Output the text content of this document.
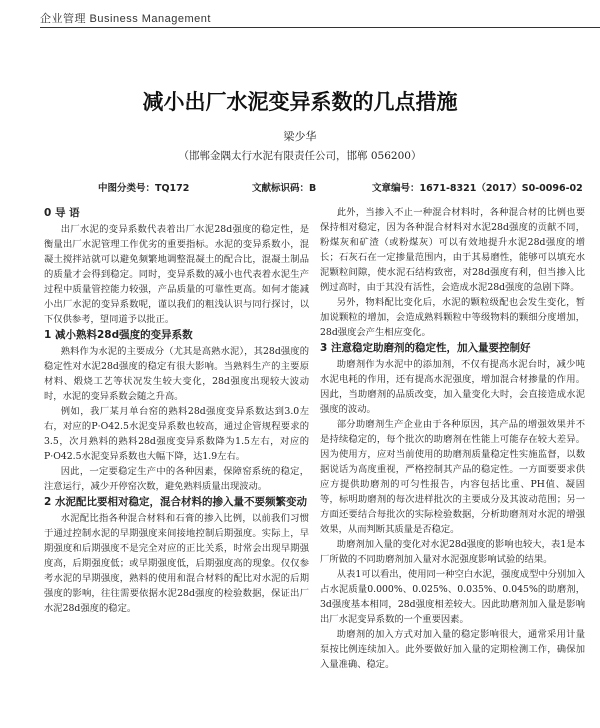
企业管理 Business Management
减小出厂水泥变异系数的几点措施
梁少华
（邯郸金隅太行水泥有限责任公司，邯郸 056200）
中图分类号：TQ172	文献标识码：B	文章编号：1671-8321（2017）S0-0096-02
0 导 语

出厂水泥的变异系数代表着出厂水泥28d强度的稳定性，是衡量出厂水泥管理工作优劣的重要指标。水泥的变异系数小，混凝土搅拌站就可以避免频繁地调整混凝土的配合比，混凝土制品的质量才会得到稳定。同时，变异系数的减小也代表着水泥生产过程中质量管控能力较强，产品质量的可靠性更高。如何才能减小出厂水泥的变异系数呢，谨以我们的粗浅认识与同行探讨，以下仅供参考，望同道予以批正。

1 减小熟料28d强度的变异系数

熟料作为水泥的主要成分（尤其是高熟水泥），其28d强度的稳定性对水泥28d强度的稳定有很大影响。当熟料生产的主要原材料、煅烧工艺等状况发生较大变化，28d强度出现较大波动时，水泥的变异系数会随之升高。

例如，我厂某月单台窑的熟料28d强度变异系数达到3.0左右，对应的P·O42.5水泥变异系数也较高，通过企管规程要求的3.5，次月熟料的熟料28d强度变异系数降为1.5左右，对应的P·O42.5水泥变异系数也大幅下降，达1.9左右。

因此，一定要稳定生产中的各种因素，保障窑系统的稳定，注意运行，减少开停窑次数，避免熟料质量出现波动。

2 水泥配比要相对稳定，混合材料的掺入量不要频繁变动

水泥配比指各种混合材料和石膏的掺入比例，以前我们习惯于通过控制水泥的早期强度来间接地控制后期强度。实际上，早期强度和后期强度不是完全对应的正比关系，时常会出现早期强度高，后期强度低；或早期强度低，后期强度高的现象。仅仅参考水泥的早期强度，熟料的使用和混合材料的配比对水泥的后期强度的影响，往往需要依据水泥28d强度的检验数据，保证出厂水泥28d强度的稳定。

此外，当掺入不止一种混合材料时，各种混合材的比例也要保持相对稳定，因为各种混合材料对水泥28d强度的贡献不同，粉煤灰和矿渣（或粉煤灰）可以有效地提升水泥28d强度的增长；石灰石在一定掺量范围内，由于其易磨性，能够可以填充水泥颗粒间隙，使水泥石结构致密，对28d强度有利，但当掺入比例过高时，由于其没有活性，会造成水泥28d强度的急剧下降。

另外，物料配比变化后，水泥的颗粒级配也会发生变化，暂加说颗粒的增加，会造成熟料颗粒中等级物料的颗细分度增加，28d强度会产生相应变化。

3 注意稳定助磨剂的稳定性，加入量要控制好

助磨剂作为水泥中的添加剂，不仅有提高水泥台时，减少吨水泥电耗的作用，还有提高水泥强度，增加混合材掺量的作用。因此，当助磨剂的品质改变，加入量变化大时，会直接造成水泥强度的波动。

部分助磨剂生产企业由于各种原因，其产品的增强效果并不是持续稳定的，每个批次的助磨剂在性能上可能存在较大差异。因为使用方，应对当前使用的助磨剂质量稳定性实施监督，以数据说话为高度重视，严格控制其产品的稳定性。一方面要要求供应方提供助磨剂的可匀性报告，内容包括比重、PH值、凝固等，标明助磨剂的每次进样批次的主要成分及其波动范围；另一方面还要结合每批次的实际检验数据，分析助磨剂对水泥的增强效果，从而判断其质量是否稳定。

助磨剂加入量的变化对水泥28d强度的影响也较大，表1是本厂所做的不同助磨剂加入量对水泥强度影响试验的结果。

从表1可以看出，使用同一种空白水泥，强度成型中分别加入占水泥质量0.000%、0.025%、0.035%、0.045%的助磨剂，3d强度基本相同，28d强度相差较大。因此助磨剂加入量是影响出厂水泥变异系数的一个重要因素。

助磨剂的加入方式对加入量的稳定影响很大，通常采用计量泵按比例连续加入。此外要做好加入量的定期检测工作，确保加入量准确、稳定。
